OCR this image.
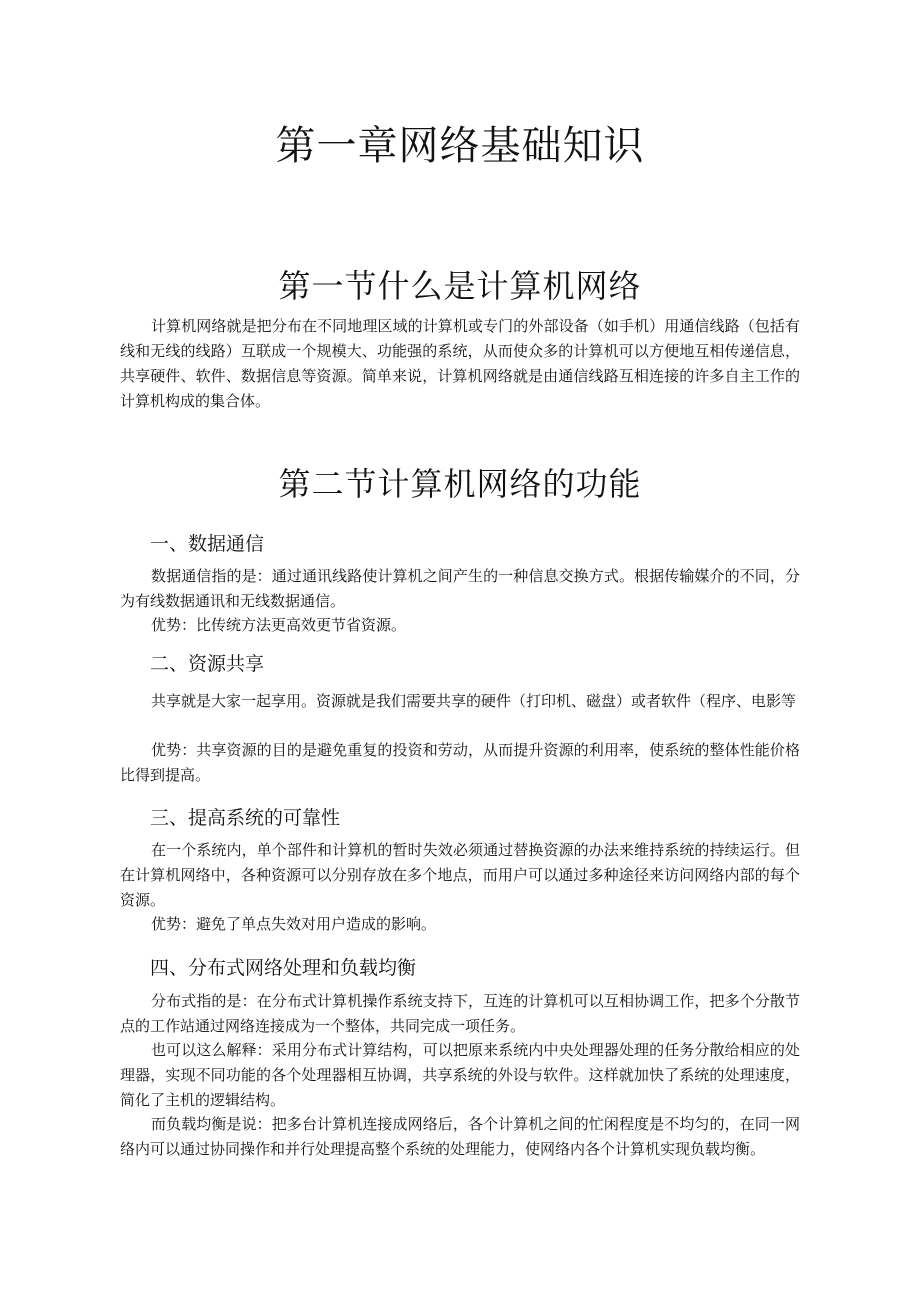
第一章网络基础知识
第一节什么是计算机网络

计算机网络就是把分布在不同地理区域的计算机或专门的外部设备（如手机）用通信线路（包括有线和无线的线路）互联成一个规模大、功能强的系统，从而使众多的计算机可以方便地互相传递信息，共享硬件、软件、数据信息等资源。简单来说，计算机网络就是由通信线路互相连接的许多自主工作的计算机构成的集合体。

第二节计算机网络的功能
一、数据通信

数据通信指的是：通过通讯线路使计算机之间产生的一种信息交换方式。根据传输媒介的不同，分为有线数据通讯和无线数据通信。

优势：比传统方法更高效更节省资源。

二、资源共享

共享就是大家一起享用。资源就是我们需要共享的硬件（打印机、磁盘）或者软件（程序、电影等

优势：共享资源的目的是避免重复的投资和劳动，从而提升资源的利用率，使系统的整体性能价格比得到提高。

三、提高系统的可靠性

在一个系统内，单个部件和计算机的暂时失效必须通过替换资源的办法来维持系统的持续运行。但在计算机网络中，各种资源可以分别存放在多个地点，而用户可以通过多种途径来访问网络内部的每个资源。

优势：避免了单点失效对用户造成的影响。

四、分布式网络处理和负载均衡

分布式指的是：在分布式计算机操作系统支持下，互连的计算机可以互相协调工作，把多个分散节点的工作站通过网络连接成为一个整体，共同完成一项任务。

也可以这么解释：采用分布式计算结构，可以把原来系统内中央处理器处理的任务分散给相应的处理器，实现不同功能的各个处理器相互协调，共享系统的外设与软件。这样就加快了系统的处理速度，简化了主机的逻辑结构。

而负载均衡是说：把多台计算机连接成网络后，各个计算机之间的忙闲程度是不均匀的，在同一网络内可以通过协同操作和并行处理提高整个系统的处理能力，使网络内各个计算机实现负载均衡。
